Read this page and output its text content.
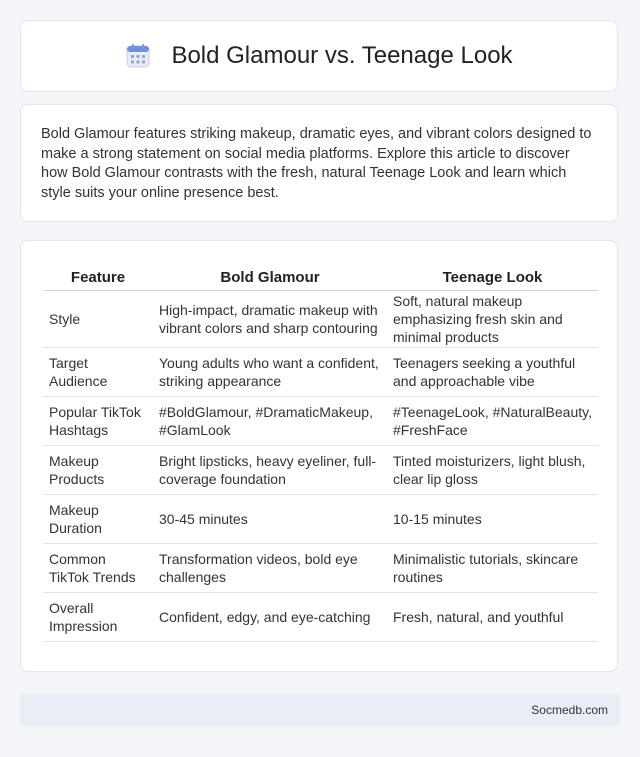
Bold Glamour vs. Teenage Look

Bold Glamour features striking makeup, dramatic eyes, and vibrant colors designed to make a strong statement on social media platforms. Explore this article to discover how Bold Glamour contrasts with the fresh, natural Teenage Look and learn which style suits your online presence best.

Feature	Bold Glamour	Teenage Look
Style	High-impact, dramatic makeup with vibrant colors and sharp contouring	Soft, natural makeup emphasizing fresh skin and minimal products
Target Audience	Young adults who want a confident, striking appearance	Teenagers seeking a youthful and approachable vibe
Popular TikTok Hashtags	#BoldGlamour, #DramaticMakeup, #GlamLook	#TeenageLook, #NaturalBeauty, #FreshFace
Makeup Products	Bright lipsticks, heavy eyeliner, full-coverage foundation	Tinted moisturizers, light blush, clear lip gloss
Makeup Duration	30-45 minutes	10-15 minutes
Common TikTok Trends	Transformation videos, bold eye challenges	Minimalistic tutorials, skincare routines
Overall Impression	Confident, edgy, and eye-catching	Fresh, natural, and youthful
Socmedb.com
